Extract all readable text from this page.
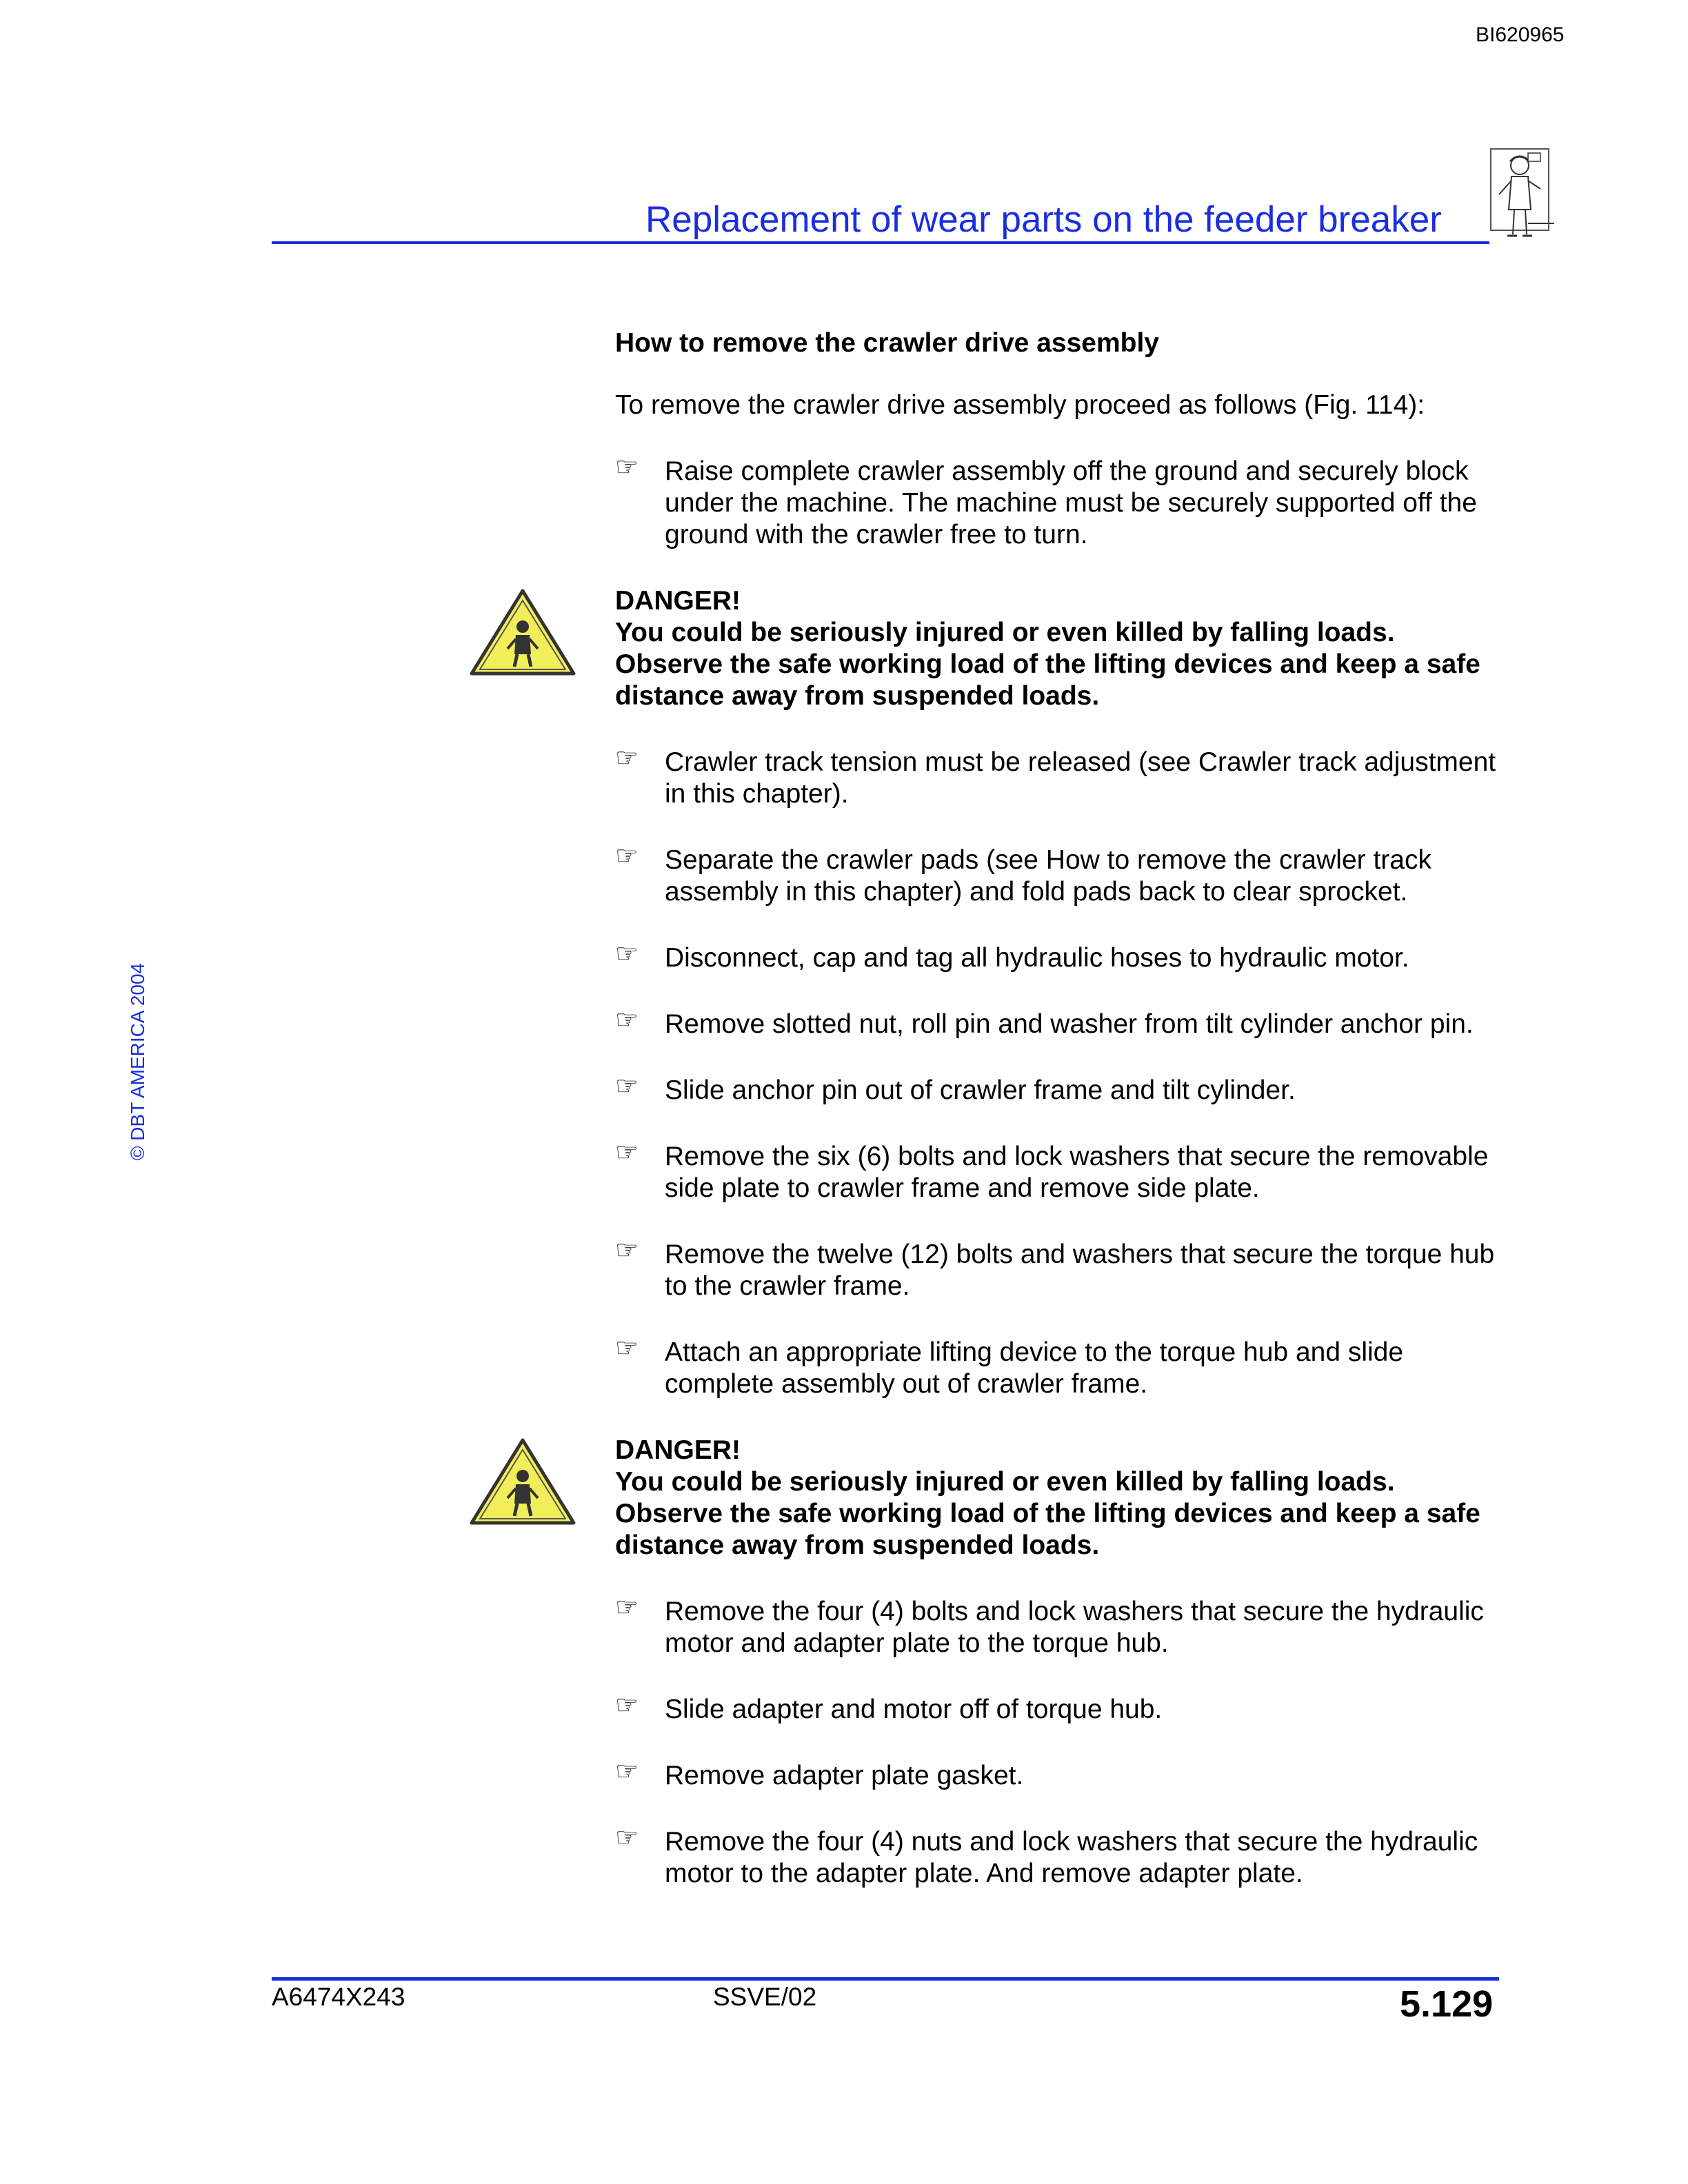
BI620965
Replacement of wear parts on the feeder breaker
© DBT AMERICA 2004

How to remove the crawler drive assembly

To remove the crawler drive assembly proceed as follows (Fig. 114):

☞ Raise complete crawler assembly off the ground and securely block under the machine. The machine must be securely supported off the ground with the crawler free to turn.
DANGER!
You could be seriously injured or even killed by falling loads.
Observe the safe working load of the lifting devices and keep a safe distance away from suspended loads.
☞ Crawler track tension must be released (see Crawler track adjustment in this chapter).
☞ Separate the crawler pads (see How to remove the crawler track assembly in this chapter) and fold pads back to clear sprocket.
☞ Disconnect, cap and tag all hydraulic hoses to hydraulic motor.
☞ Remove slotted nut, roll pin and washer from tilt cylinder anchor pin.
☞ Slide anchor pin out of crawler frame and tilt cylinder.
☞ Remove the six (6) bolts and lock washers that secure the removable side plate to crawler frame and remove side plate.
☞ Remove the twelve (12) bolts and washers that secure the torque hub to the crawler frame.
☞ Attach an appropriate lifting device to the torque hub and slide complete assembly out of crawler frame.
DANGER!
You could be seriously injured or even killed by falling loads.
Observe the safe working load of the lifting devices and keep a safe distance away from suspended loads.
☞ Remove the four (4) bolts and lock washers that secure the hydraulic motor and adapter plate to the torque hub.
☞ Slide adapter and motor off of torque hub.
☞ Remove adapter plate gasket.
☞ Remove the four (4) nuts and lock washers that secure the hydraulic motor to the adapter plate. And remove adapter plate.
A6474X243	SSVE/02	5.129
